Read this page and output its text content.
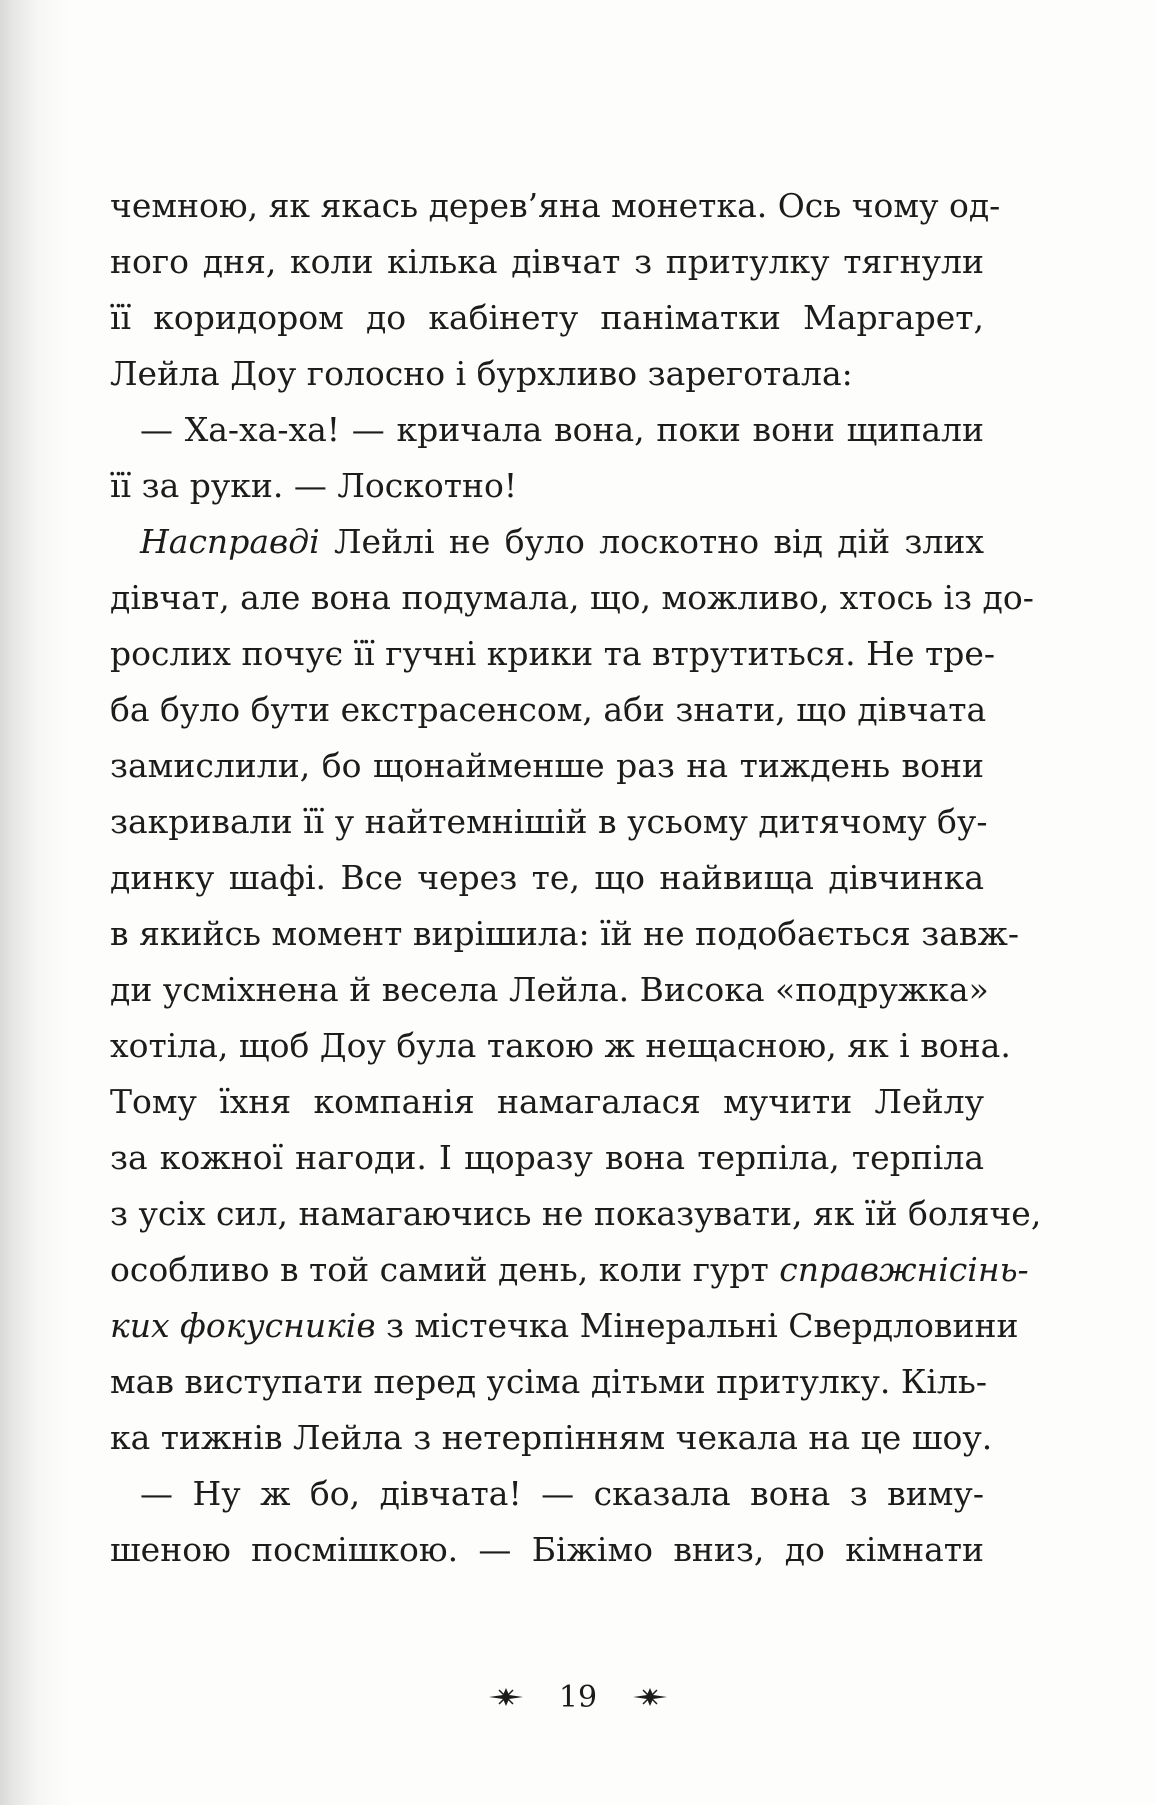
чемною, як якась дерев’яна монетка. Ось чому од-
ного дня, коли кілька дівчат з притулку тягнули
її коридором до кабінету паніматки Маргарет,
Лейла Доу голосно і бурхливо зареготала:
— Ха-ха-ха! — кричала вона, поки вони щипали
її за руки. — Лоскотно!
Насправді Лейлі не було лоскотно від дій злих
дівчат, але вона подумала, що, можливо, хтось із до-
рослих почує її гучні крики та втрутиться. Не тре-
ба було бути екстрасенсом, аби знати, що дівчата
замислили, бо щонайменше раз на тиждень вони
закривали її у найтемнішій в усьому дитячому бу-
динку шафі. Все через те, що найвища дівчинка
в якийсь момент вирішила: їй не подобається завж-
ди усміхнена й весела Лейла. Висока «подружка»
хотіла, щоб Доу була такою ж нещасною, як і вона.
Тому їхня компанія намагалася мучити Лейлу
за кожної нагоди. І щоразу вона терпіла, терпіла
з усіх сил, намагаючись не показувати, як їй боляче,
особливо в той самий день, коли гурт справжнісінь-
ких фокусників з містечка Мінеральні Свердловини
мав виступати перед усіма дітьми притулку. Кіль-
ка тижнів Лейла з нетерпінням чекала на це шоу.
— Ну ж бо, дівчата! — сказала вона з виму-
шеною посмішкою. — Біжімо вниз, до кімнати
19
